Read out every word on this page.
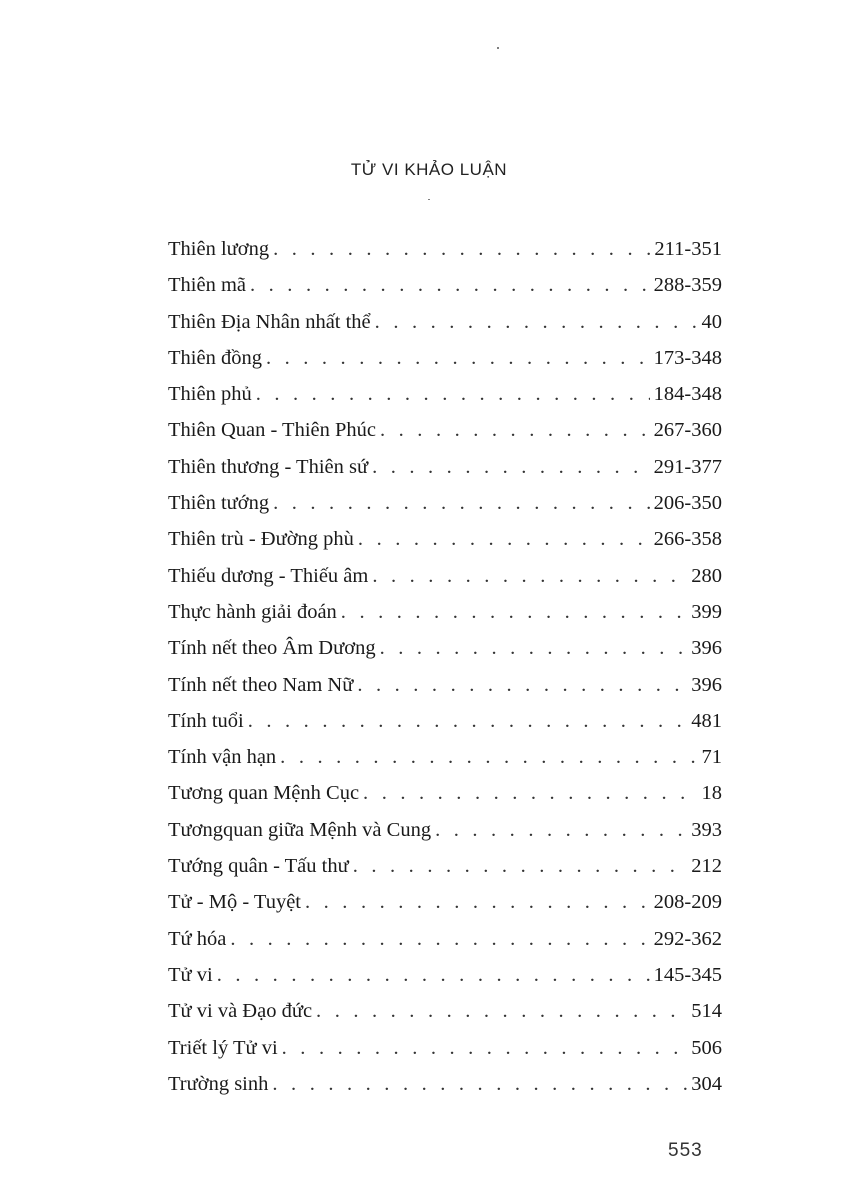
TỬ VI KHẢO LUẬN
Thiên lương . . .	211-351
Thiên mã . . .	288-359
Thiên Địa Nhân nhất thể . . .	40
Thiên đồng . . .	173-348
Thiên phủ . . .	184-348
Thiên Quan - Thiên Phúc . . .	267-360
Thiên thương - Thiên sứ . . .	291-377
Thiên tướng . . .	206-350
Thiên trù - Đường phù . . .	266-358
Thiếu dương - Thiếu âm . . .	280
Thực hành giải đoán . . .	399
Tính nết theo Âm Dương . . .	396
Tính nết theo Nam Nữ . . .	396
Tính tuổi . . .	481
Tính vận hạn . . .	71
Tương quan Mệnh Cục . . .	18
Tươngquan giữa Mệnh và Cung . . .	393
Tướng quân - Tấu thư . . .	212
Tử - Mộ - Tuyệt . . .	208-209
Tứ hóa . . .	292-362
Tử vi . . .	145-345
Tử vi và Đạo đức . . .	514
Triết lý Tử vi . . .	506
Trường sinh . . .	304
553
